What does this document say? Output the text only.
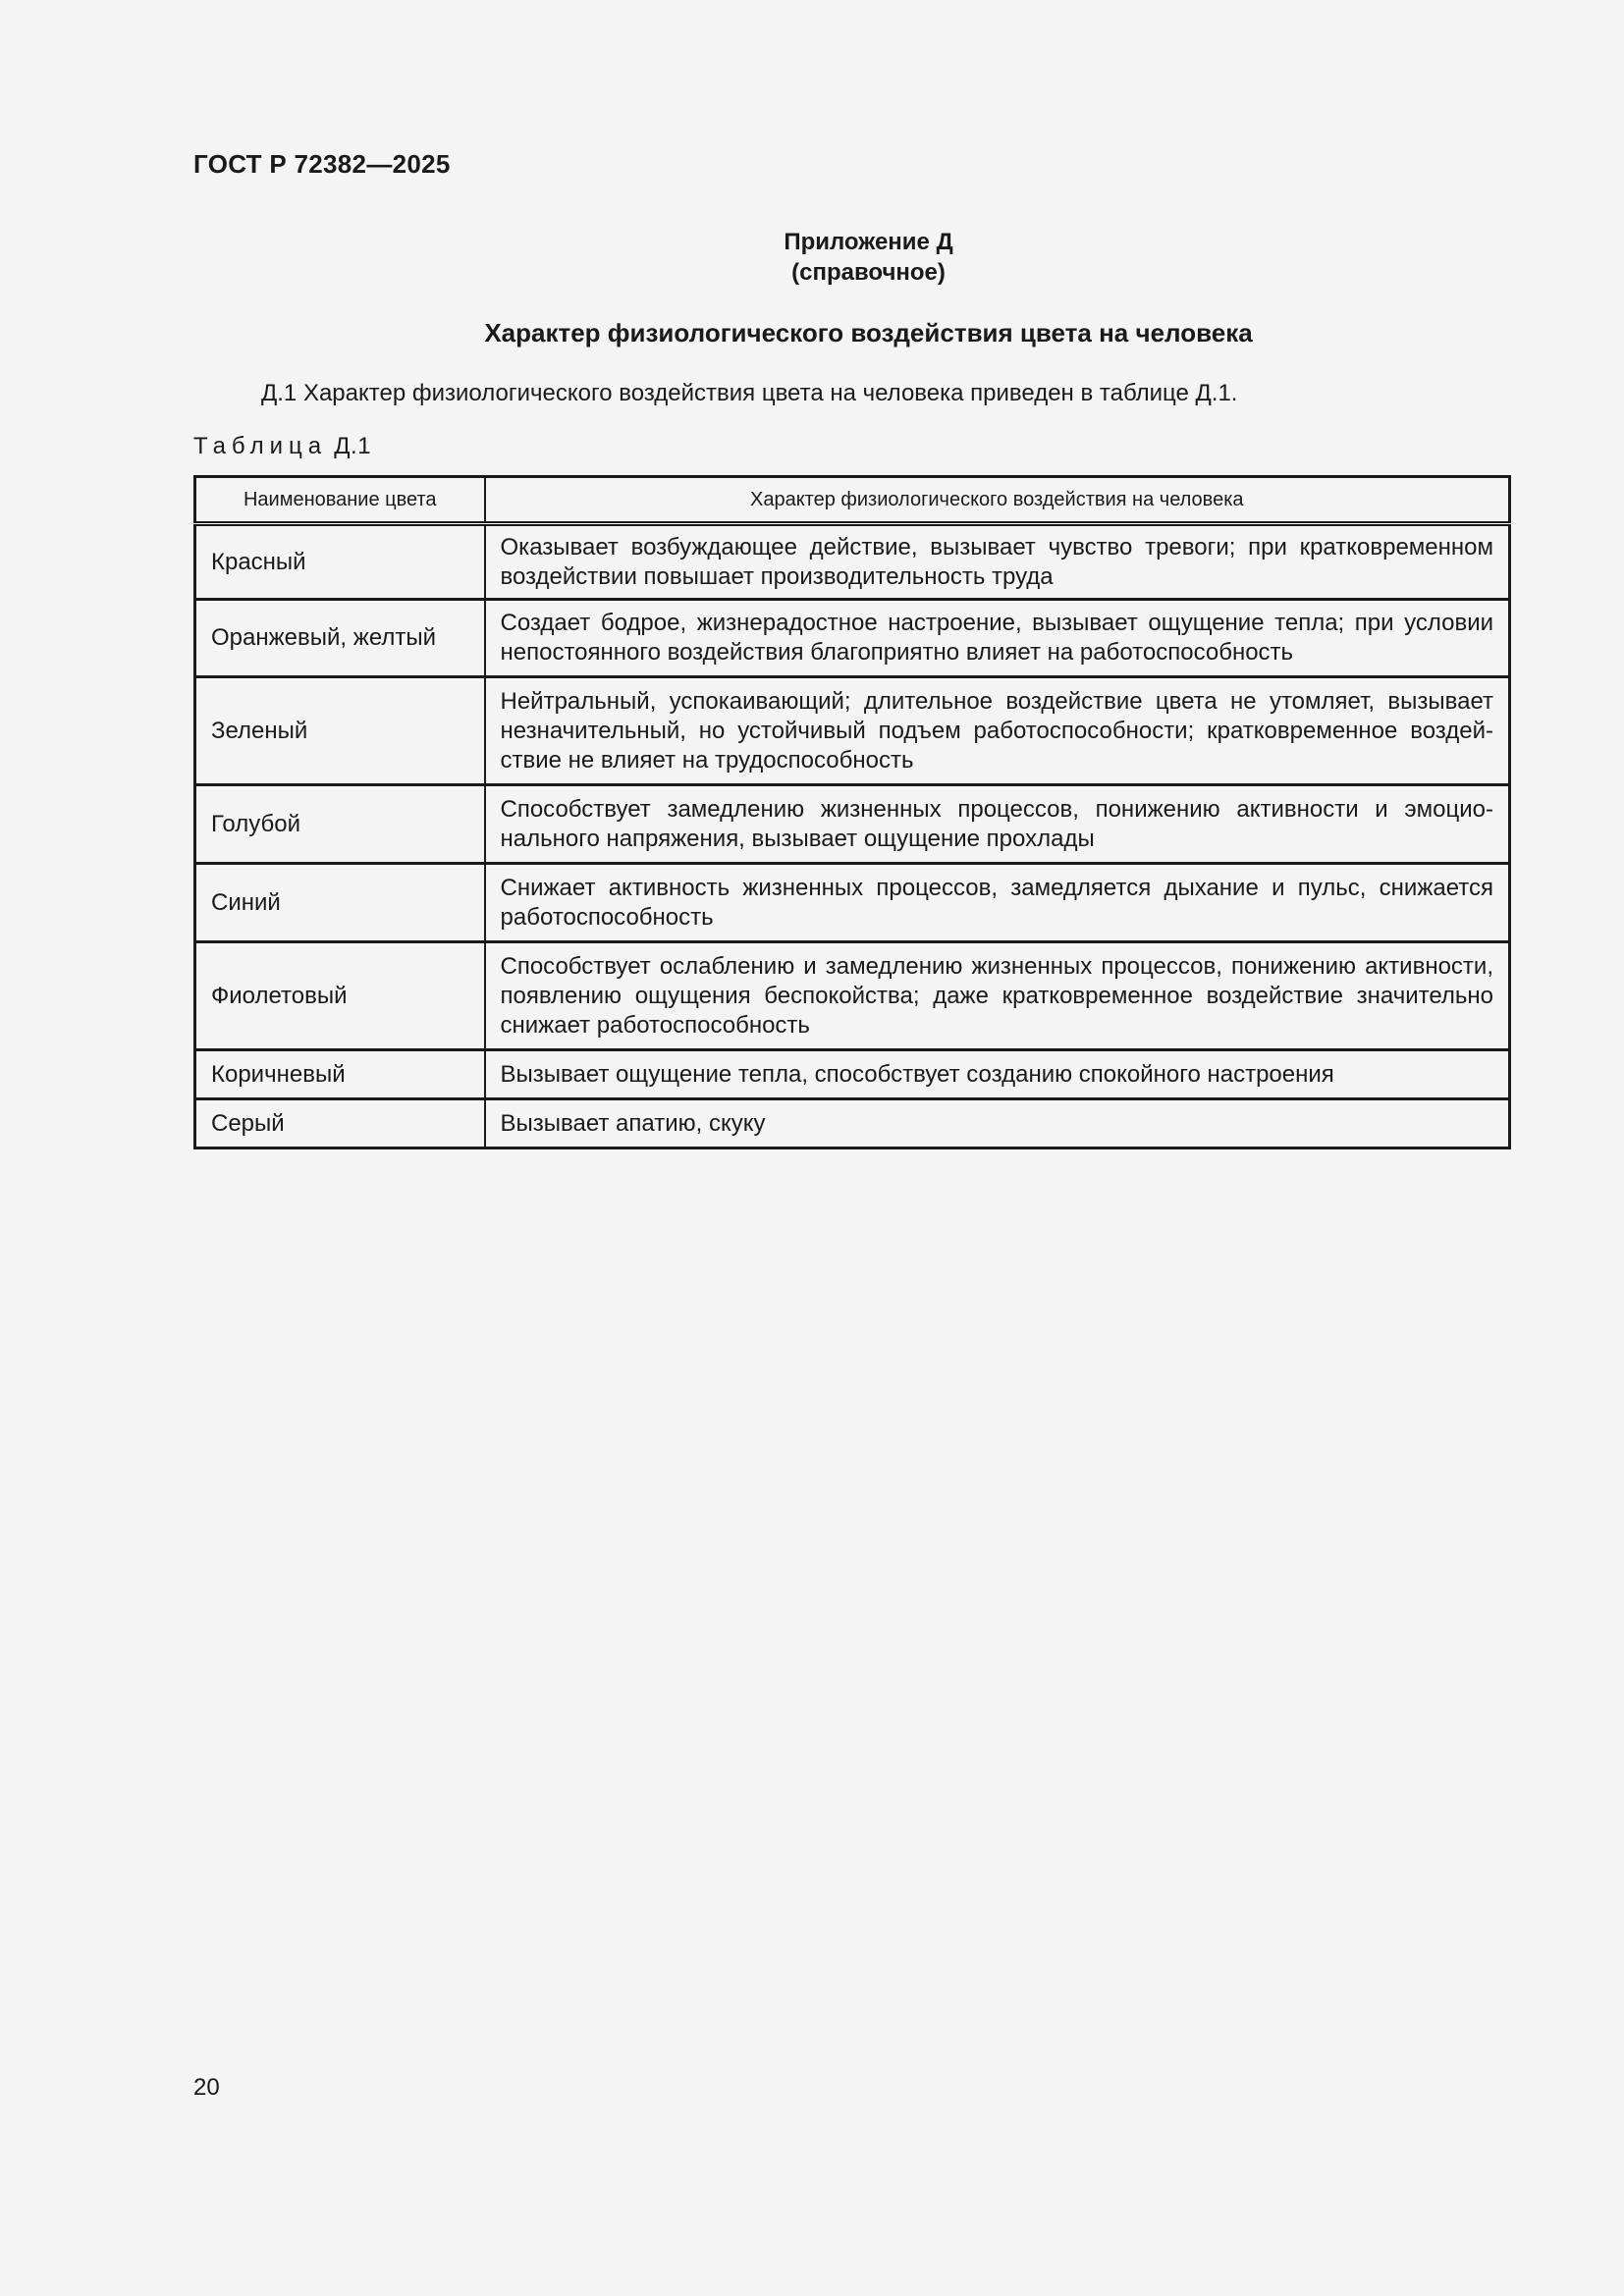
ГОСТ Р 72382—2025
Приложение Д
(справочное)
Характер физиологического воздействия цвета на человека
Д.1 Характер физиологического воздействия цвета на человека приведен в таблице Д.1.
Таблица Д.1
Наименование цвета	Характер физиологического воздействия на человека
Красный	Оказывает возбуждающее действие, вызывает чувство тревоги; при кратковременном воздействии повышает производительность труда
Оранжевый, желтый	Создает бодрое, жизнерадостное настроение, вызывает ощущение тепла; при условии непостоянного воздействия благоприятно влияет на работоспособность
Зеленый	Нейтральный, успокаивающий; длительное воздействие цвета не утомляет, вызывает незначительный, но устойчивый подъем работоспособности; кратковременное воздействие не влияет на трудоспособность
Голубой	Способствует замедлению жизненных процессов, понижению активности и эмоционального напряжения, вызывает ощущение прохлады
Синий	Снижает активность жизненных процессов, замедляется дыхание и пульс, снижается работоспособность
Фиолетовый	Способствует ослаблению и замедлению жизненных процессов, понижению активности, появлению ощущения беспокойства; даже кратковременное воздействие значительно снижает работоспособность
Коричневый	Вызывает ощущение тепла, способствует созданию спокойного настроения
Серый	Вызывает апатию, скуку
20
